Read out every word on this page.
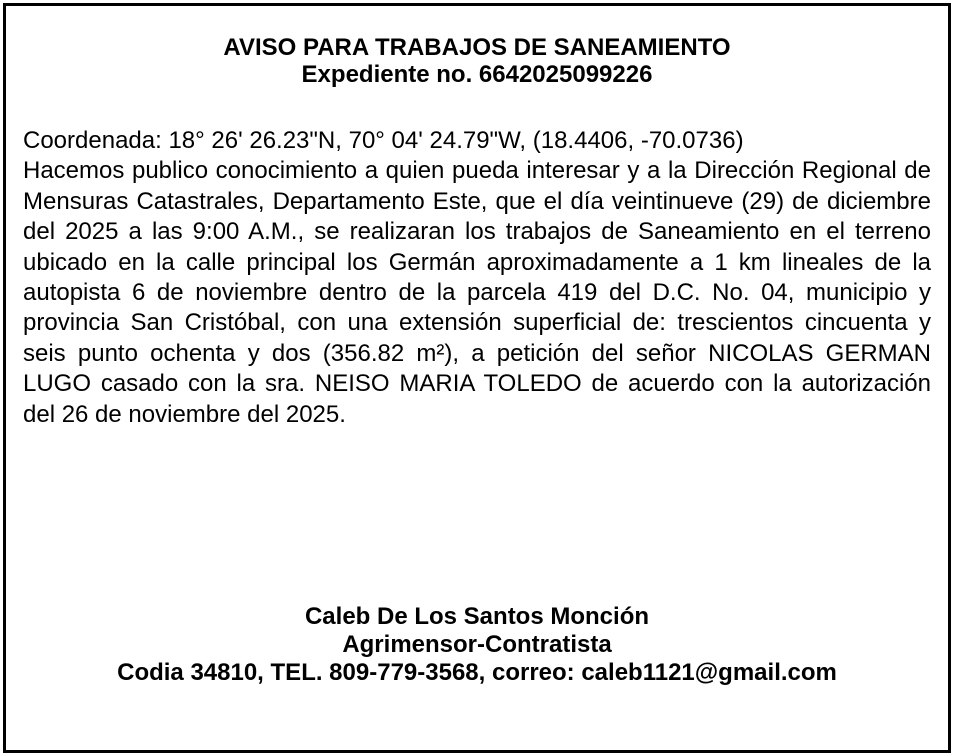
AVISO PARA TRABAJOS DE SANEAMIENTO
Expediente no. 6642025099226

Coordenada: 18° 26' 26.23"N, 70° 04' 24.79"W, (18.4406, -70.0736)

Hacemos publico conocimiento a quien pueda interesar y a la Dirección Regional de Mensuras Catastrales, Departamento Este, que el día veintinueve (29) de diciembre del 2025 a las 9:00 A.M., se realizaran los trabajos de Saneamiento en el terreno ubicado en la calle principal los Germán aproximadamente a 1 km lineales de la autopista 6 de noviembre dentro de la parcela 419 del D.C. No. 04, municipio y provincia San Cristóbal, con una extensión superficial de: trescientos cincuenta y seis punto ochenta y dos (356.82 m²), a petición del señor NICOLAS GERMAN LUGO casado con la sra. NEISO MARIA TOLEDO de acuerdo con la autorización del 26 de noviembre del 2025.

Caleb De Los Santos Monción
Agrimensor-Contratista
Codia 34810, TEL. 809-779-3568, correo: caleb1121@gmail.com
